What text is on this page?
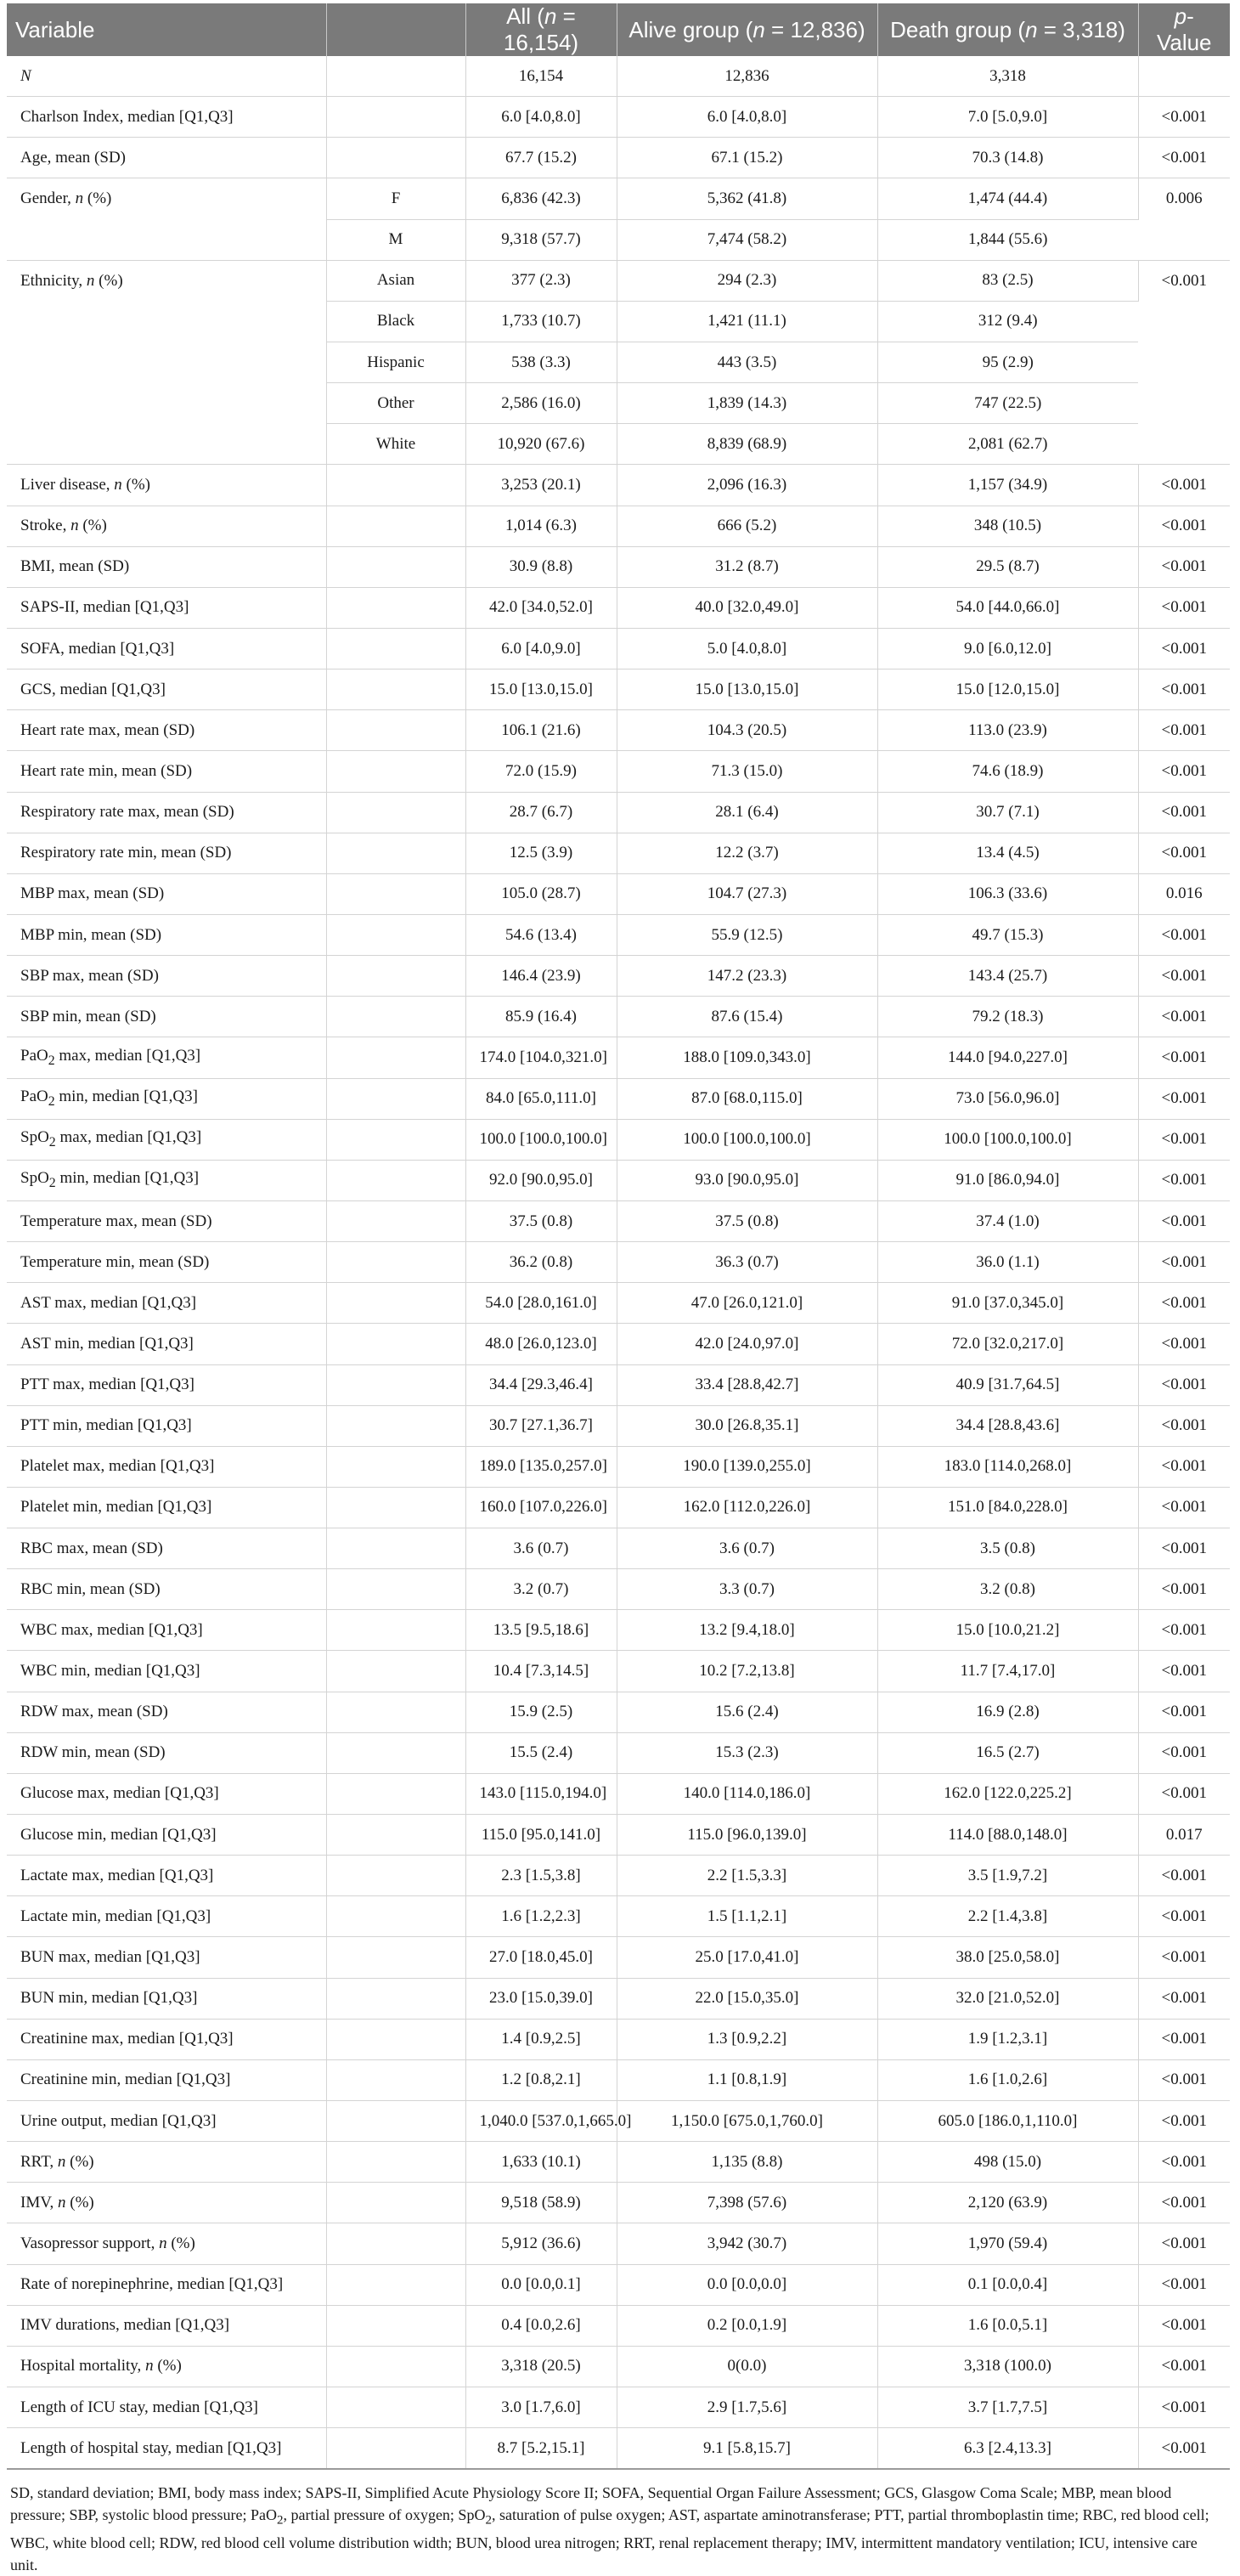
Variable		All (n = 16,154)	Alive group (n = 12,836)	Death group (n = 3,318)	p-Value
N		16,154	12,836	3,318	
Charlson Index, median [Q1,Q3]		6.0 [4.0,8.0]	6.0 [4.0,8.0]	7.0 [5.0,9.0]	<0.001
Age, mean (SD)		67.7 (15.2)	67.1 (15.2)	70.3 (14.8)	<0.001
Gender, n (%)	F	6,836 (42.3)	5,362 (41.8)	1,474 (44.4)	0.006
	M	9,318 (57.7)	7,474 (58.2)	1,844 (55.6)	
Ethnicity, n (%)	Asian	377 (2.3)	294 (2.3)	83 (2.5)	<0.001
	Black	1,733 (10.7)	1,421 (11.1)	312 (9.4)	
	Hispanic	538 (3.3)	443 (3.5)	95 (2.9)	
	Other	2,586 (16.0)	1,839 (14.3)	747 (22.5)	
	White	10,920 (67.6)	8,839 (68.9)	2,081 (62.7)	
Liver disease, n (%)		3,253 (20.1)	2,096 (16.3)	1,157 (34.9)	<0.001
Stroke, n (%)		1,014 (6.3)	666 (5.2)	348 (10.5)	<0.001
BMI, mean (SD)		30.9 (8.8)	31.2 (8.7)	29.5 (8.7)	<0.001
SAPS-II, median [Q1,Q3]		42.0 [34.0,52.0]	40.0 [32.0,49.0]	54.0 [44.0,66.0]	<0.001
SOFA, median [Q1,Q3]		6.0 [4.0,9.0]	5.0 [4.0,8.0]	9.0 [6.0,12.0]	<0.001
GCS, median [Q1,Q3]		15.0 [13.0,15.0]	15.0 [13.0,15.0]	15.0 [12.0,15.0]	<0.001
Heart rate max, mean (SD)		106.1 (21.6)	104.3 (20.5)	113.0 (23.9)	<0.001
Heart rate min, mean (SD)		72.0 (15.9)	71.3 (15.0)	74.6 (18.9)	<0.001
Respiratory rate max, mean (SD)		28.7 (6.7)	28.1 (6.4)	30.7 (7.1)	<0.001
Respiratory rate min, mean (SD)		12.5 (3.9)	12.2 (3.7)	13.4 (4.5)	<0.001
MBP max, mean (SD)		105.0 (28.7)	104.7 (27.3)	106.3 (33.6)	0.016
MBP min, mean (SD)		54.6 (13.4)	55.9 (12.5)	49.7 (15.3)	<0.001
SBP max, mean (SD)		146.4 (23.9)	147.2 (23.3)	143.4 (25.7)	<0.001
SBP min, mean (SD)		85.9 (16.4)	87.6 (15.4)	79.2 (18.3)	<0.001
PaO$_2$ max, median [Q1,Q3]		174.0 [104.0,321.0]	188.0 [109.0,343.0]	144.0 [94.0,227.0]	<0.001
PaO$_2$ min, median [Q1,Q3]		84.0 [65.0,111.0]	87.0 [68.0,115.0]	73.0 [56.0,96.0]	<0.001
SpO$_2$ max, median [Q1,Q3]		100.0 [100.0,100.0]	100.0 [100.0,100.0]	100.0 [100.0,100.0]	<0.001
SpO$_2$ min, median [Q1,Q3]		92.0 [90.0,95.0]	93.0 [90.0,95.0]	91.0 [86.0,94.0]	<0.001
Temperature max, mean (SD)		37.5 (0.8)	37.5 (0.8)	37.4 (1.0)	<0.001
Temperature min, mean (SD)		36.2 (0.8)	36.3 (0.7)	36.0 (1.1)	<0.001
AST max, median [Q1,Q3]		54.0 [28.0,161.0]	47.0 [26.0,121.0]	91.0 [37.0,345.0]	<0.001
AST min, median [Q1,Q3]		48.0 [26.0,123.0]	42.0 [24.0,97.0]	72.0 [32.0,217.0]	<0.001
PTT max, median [Q1,Q3]		34.4 [29.3,46.4]	33.4 [28.8,42.7]	40.9 [31.7,64.5]	<0.001
PTT min, median [Q1,Q3]		30.7 [27.1,36.7]	30.0 [26.8,35.1]	34.4 [28.8,43.6]	<0.001
Platelet max, median [Q1,Q3]		189.0 [135.0,257.0]	190.0 [139.0,255.0]	183.0 [114.0,268.0]	<0.001
Platelet min, median [Q1,Q3]		160.0 [107.0,226.0]	162.0 [112.0,226.0]	151.0 [84.0,228.0]	<0.001
RBC max, mean (SD)		3.6 (0.7)	3.6 (0.7)	3.5 (0.8)	<0.001
RBC min, mean (SD)		3.2 (0.7)	3.3 (0.7)	3.2 (0.8)	<0.001
WBC max, median [Q1,Q3]		13.5 [9.5,18.6]	13.2 [9.4,18.0]	15.0 [10.0,21.2]	<0.001
WBC min, median [Q1,Q3]		10.4 [7.3,14.5]	10.2 [7.2,13.8]	11.7 [7.4,17.0]	<0.001
RDW max, mean (SD)		15.9 (2.5)	15.6 (2.4)	16.9 (2.8)	<0.001
RDW min, mean (SD)		15.5 (2.4)	15.3 (2.3)	16.5 (2.7)	<0.001
Glucose max, median [Q1,Q3]		143.0 [115.0,194.0]	140.0 [114.0,186.0]	162.0 [122.0,225.2]	<0.001
Glucose min, median [Q1,Q3]		115.0 [95.0,141.0]	115.0 [96.0,139.0]	114.0 [88.0,148.0]	0.017
Lactate max, median [Q1,Q3]		2.3 [1.5,3.8]	2.2 [1.5,3.3]	3.5 [1.9,7.2]	<0.001
Lactate min, median [Q1,Q3]		1.6 [1.2,2.3]	1.5 [1.1,2.1]	2.2 [1.4,3.8]	<0.001
BUN max, median [Q1,Q3]		27.0 [18.0,45.0]	25.0 [17.0,41.0]	38.0 [25.0,58.0]	<0.001
BUN min, median [Q1,Q3]		23.0 [15.0,39.0]	22.0 [15.0,35.0]	32.0 [21.0,52.0]	<0.001
Creatinine max, median [Q1,Q3]		1.4 [0.9,2.5]	1.3 [0.9,2.2]	1.9 [1.2,3.1]	<0.001
Creatinine min, median [Q1,Q3]		1.2 [0.8,2.1]	1.1 [0.8,1.9]	1.6 [1.0,2.6]	<0.001
Urine output, median [Q1,Q3]		1,040.0 [537.0,1,665.0]	1,150.0 [675.0,1,760.0]	605.0 [186.0,1,110.0]	<0.001
RRT, n (%)		1,633 (10.1)	1,135 (8.8)	498 (15.0)	<0.001
IMV, n (%)		9,518 (58.9)	7,398 (57.6)	2,120 (63.9)	<0.001
Vasopressor support, n (%)		5,912 (36.6)	3,942 (30.7)	1,970 (59.4)	<0.001
Rate of norepinephrine, median [Q1,Q3]		0.0 [0.0,0.1]	0.0 [0.0,0.0]	0.1 [0.0,0.4]	<0.001
IMV durations, median [Q1,Q3]		0.4 [0.0,2.6]	0.2 [0.0,1.9]	1.6 [0.0,5.1]	<0.001
Hospital mortality, n (%)		3,318 (20.5)	0(0.0)	3,318 (100.0)	<0.001
Length of ICU stay, median [Q1,Q3]		3.0 [1.7,6.0]	2.9 [1.7,5.6]	3.7 [1.7,7.5]	<0.001
Length of hospital stay, median [Q1,Q3]		8.7 [5.2,15.1]	9.1 [5.8,15.7]	6.3 [2.4,13.3]	<0.001
SD, standard deviation; BMI, body mass index; SAPS-II, Simplified Acute Physiology Score II; SOFA, Sequential Organ Failure Assessment; GCS, Glasgow Coma Scale; MBP, mean blood pressure; SBP, systolic blood pressure; PaO$_2$, partial pressure of oxygen; SpO$_2$, saturation of pulse oxygen; AST, aspartate aminotransferase; PTT, partial thromboplastin time; RBC, red blood cell; WBC, white blood cell; RDW, red blood cell volume distribution width; BUN, blood urea nitrogen; RRT, renal replacement therapy; IMV, intermittent mandatory ventilation; ICU, intensive care unit.
